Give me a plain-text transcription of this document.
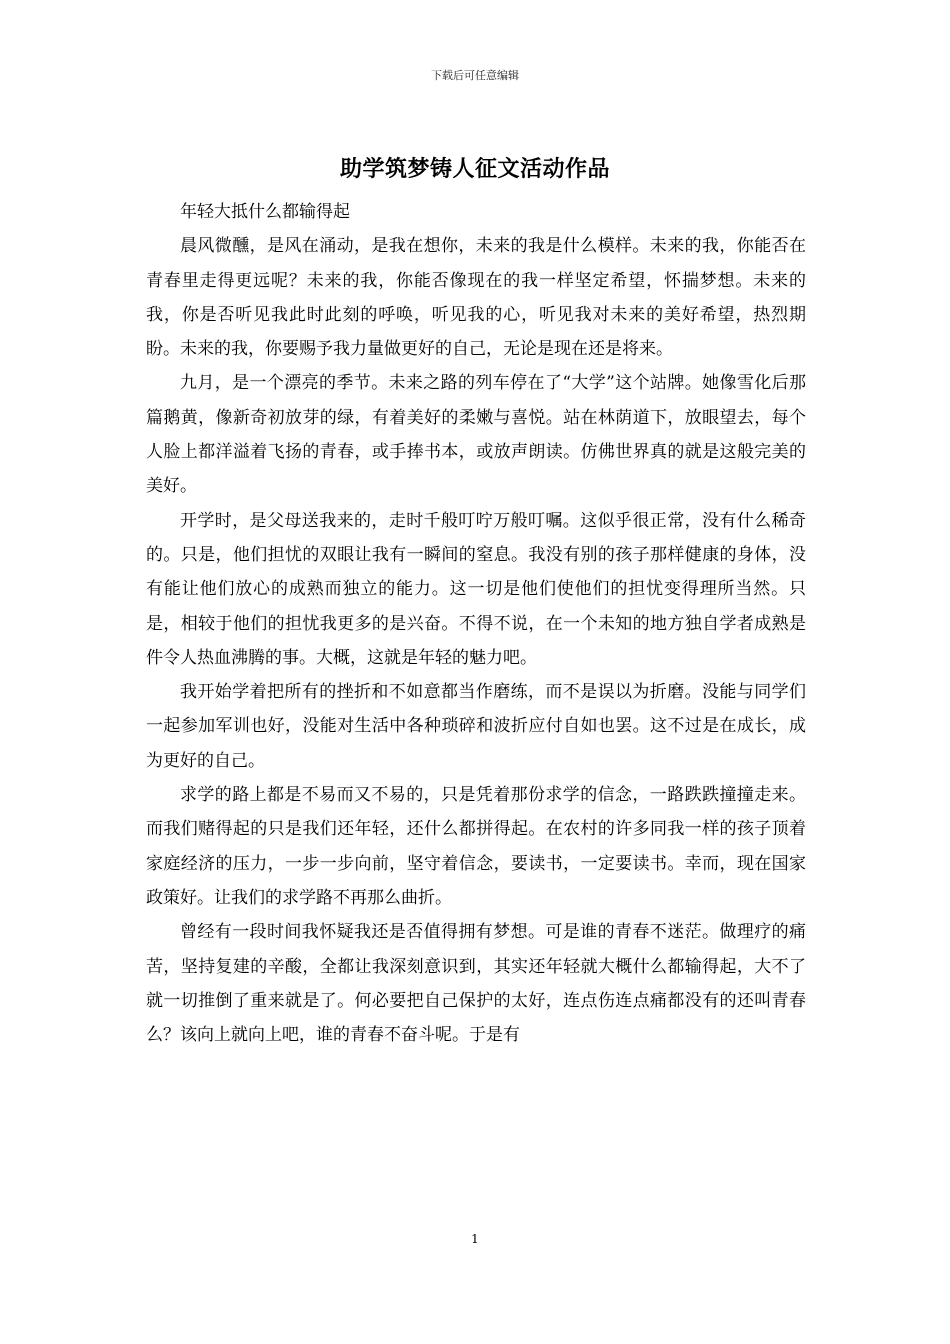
下载后可任意编辑
助学筑梦铸人征文活动作品

年轻大抵什么都输得起

晨风微醺，是风在涌动，是我在想你，未来的我是什么模样。未来的我，你能否在青春里走得更远呢？未来的我，你能否像现在的我一样坚定希望，怀揣梦想。未来的我，你是否听见我此时此刻的呼唤，听见我的心，听见我对未来的美好希望，热烈期盼。未来的我，你要赐予我力量做更好的自己，无论是现在还是将来。

九月，是一个漂亮的季节。未来之路的列车停在了“大学”这个站牌。她像雪化后那篇鹅黄，像新奇初放芽的绿，有着美好的柔嫩与喜悦。站在林荫道下，放眼望去，每个人脸上都洋溢着飞扬的青春，或手捧书本，或放声朗读。仿佛世界真的就是这般完美的美好。

开学时，是父母送我来的，走时千般叮咛万般叮嘱。这似乎很正常，没有什么稀奇的。只是，他们担忧的双眼让我有一瞬间的窒息。我没有别的孩子那样健康的身体，没有能让他们放心的成熟而独立的能力。这一切是他们使他们的担忧变得理所当然。只是，相较于他们的担忧我更多的是兴奋。不得不说，在一个未知的地方独自学者成熟是件令人热血沸腾的事。大概，这就是年轻的魅力吧。

我开始学着把所有的挫折和不如意都当作磨练，而不是误以为折磨。没能与同学们一起参加军训也好，没能对生活中各种琐碎和波折应付自如也罢。这不过是在成长，成为更好的自己。

求学的路上都是不易而又不易的，只是凭着那份求学的信念，一路跌跌撞撞走来。而我们赌得起的只是我们还年轻，还什么都拼得起。在农村的许多同我一样的孩子顶着家庭经济的压力，一步一步向前，坚守着信念，要读书，一定要读书。幸而，现在国家政策好。让我们的求学路不再那么曲折。

曾经有一段时间我怀疑我还是否值得拥有梦想。可是谁的青春不迷茫。做理疗的痛苦，坚持复建的辛酸，全都让我深刻意识到，其实还年轻就大概什么都输得起，大不了就一切推倒了重来就是了。何必要把自己保护的太好，连点伤连点痛都没有的还叫青春么？该向上就向上吧，谁的青春不奋斗呢。于是有

1
